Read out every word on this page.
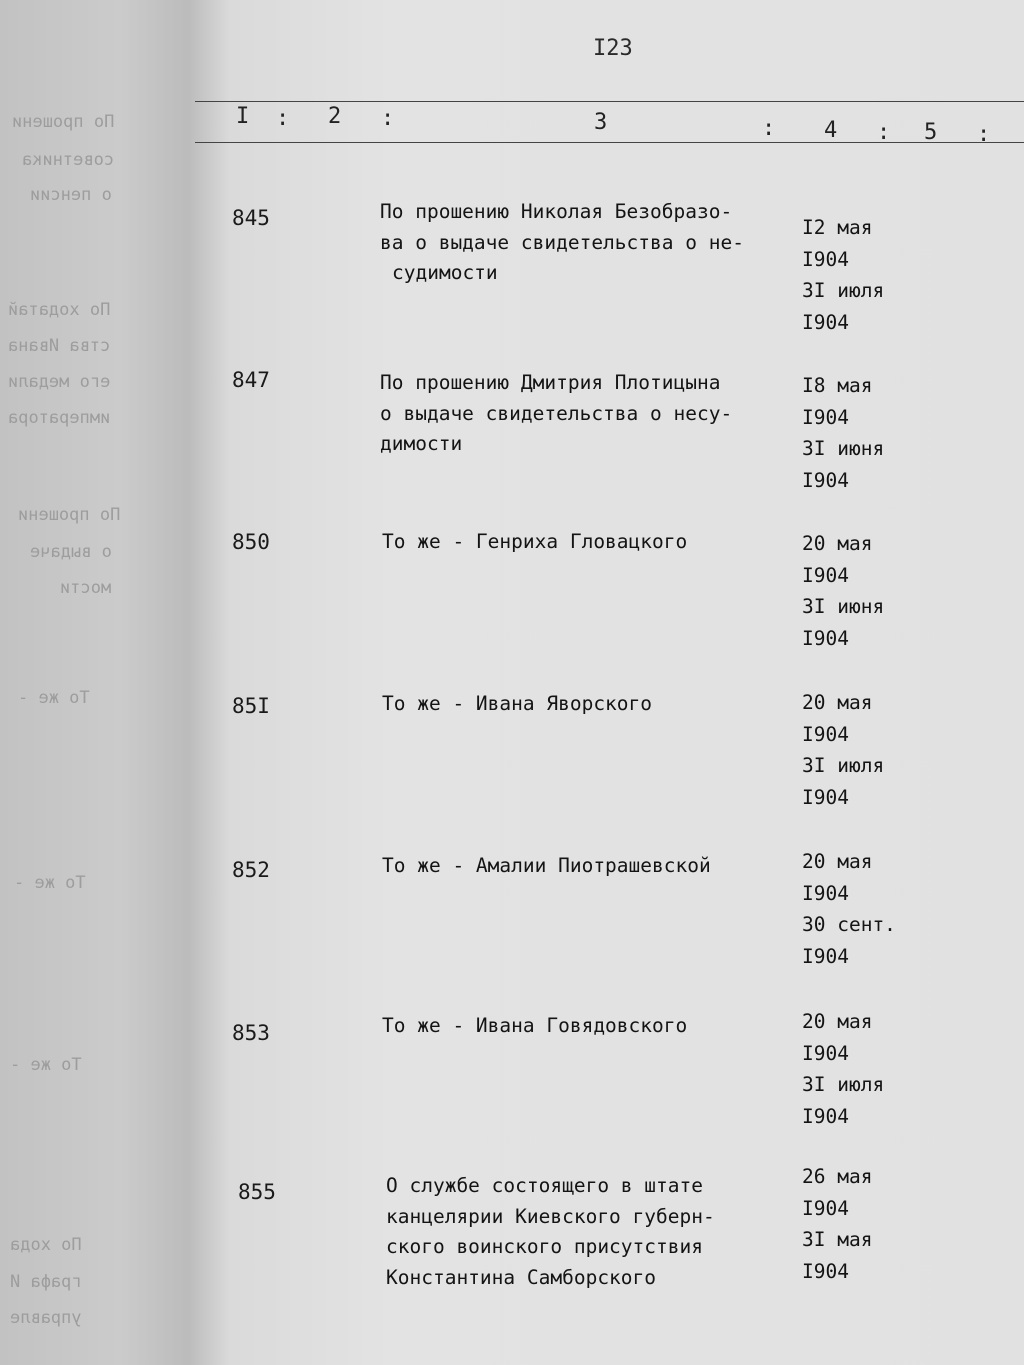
По прошени
советника
о пенсии
По ходатай
ства Ивана
его медали
императора
По прошени
о выдаче
мости
То же -
То же -
То же -
По хода
графа И
управле
I23
I : 2 :	3	: 4 : 5 :
845	По прошению Николая Безобразо-
ва о выдаче свидетельства о не-
судимости
I2 мая
I904
3I июля
I904
847	По прошению Дмитрия Плотицына
о выдаче свидетельства о несу-
димости
I8 мая
I904
3I июня
I904
850	То же - Генриха Гловацкого	20 мая
I904
3I июня
I904
85I	То же - Ивана Яворского	20 мая
I904
3I июля
I904
852	То же - Амалии Пиотрашевской	20 мая
I904
30 сент.
I904
853	То же - Ивана Говядовского	20 мая
I904
3I июля
I904
855	О службе состоящего в штате
канцелярии Киевского губерн-
ского воинского присутствия
Константина Самборского
26 мая
I904
3I мая
I904
